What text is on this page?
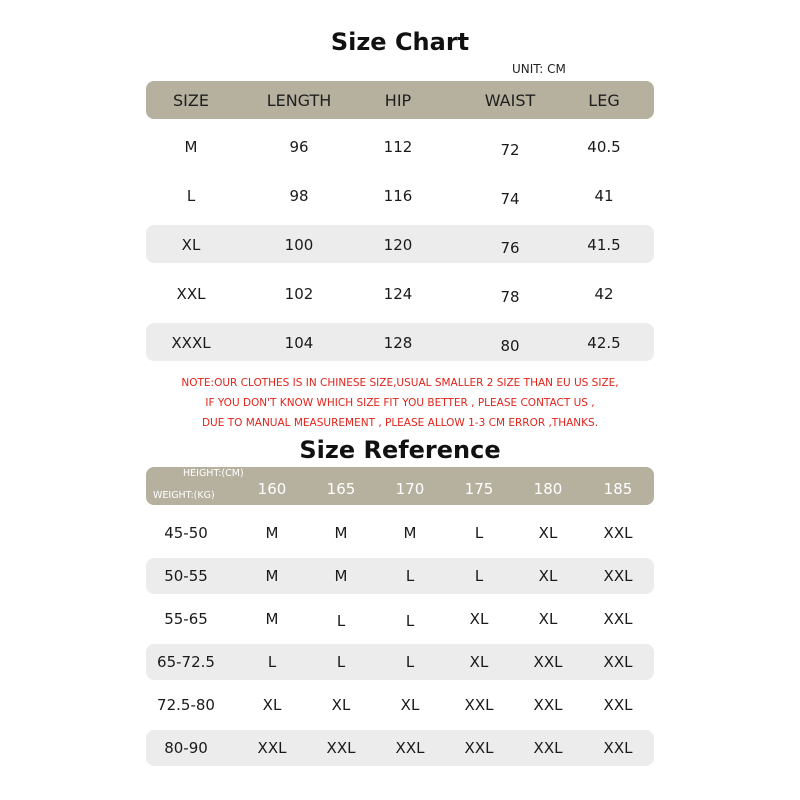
Size Chart
UNIT: CM
SIZE	LENGTH	HIP	WAIST	LEG
M	96	112	72	40.5
L	98	116	74	41
XL	100	120	76	41.5
XXL	102	124	78	42
XXXL	104	128	80	42.5
NOTE:OUR CLOTHES IS IN CHINESE SIZE,USUAL SMALLER 2 SIZE THAN EU US SIZE,
IF YOU DON'T KNOW WHICH SIZE FIT YOU BETTER , PLEASE CONTACT US ,
DUE TO MANUAL MEASUREMENT , PLEASE ALLOW 1-3 CM ERROR ,THANKS.
Size Reference
HEIGHT:(CM)
WEIGHT:(KG)	160	165	170	175	180	185
45-50	M	M	M	L	XL	XXL
50-55	M	M	L	L	XL	XXL
55-65	M	L	L	XL	XL	XXL
65-72.5	L	L	L	XL	XXL	XXL
72.5-80	XL	XL	XL	XXL	XXL	XXL
80-90	XXL	XXL	XXL	XXL	XXL	XXL
